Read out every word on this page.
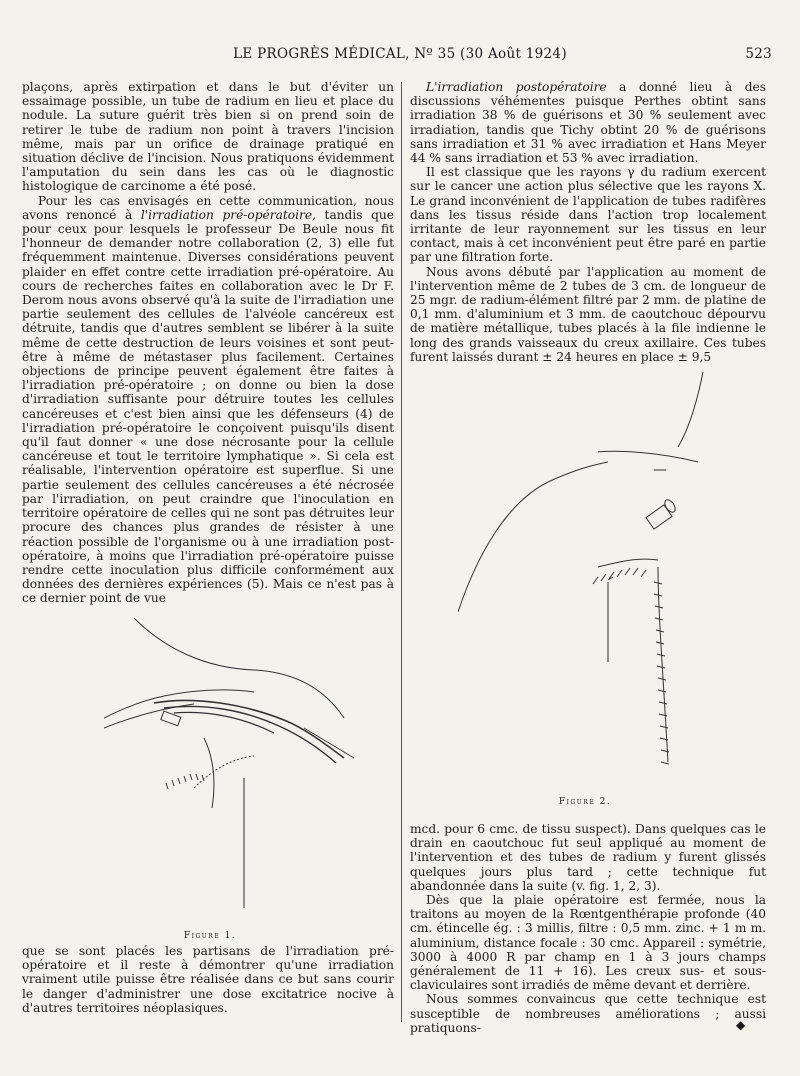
LE PROGRÈS MÉDICAL, Nº 35 (30 Août 1924)	523

plaçons, après extirpation et dans le but d'éviter un essaimage possible, un tube de radium en lieu et place du nodule. La suture guérit très bien si on prend soin de retirer le tube de radium non point à travers l'incision même, mais par un orifice de drainage pratiqué en situation déclive de l'incision. Nous pratiquons évidemment l'amputation du sein dans les cas où le diagnostic histologique de carcinome a été posé.

Pour les cas envisagés en cette communication, nous avons renoncé à l'irradiation pré-opératoire, tandis que pour ceux pour lesquels le professeur De Beule nous fit l'honneur de demander notre collaboration (2, 3) elle fut fréquemment maintenue. Diverses considérations peuvent plaider en effet contre cette irradiation pré-opératoire. Au cours de recherches faites en collaboration avec le Dr F. Derom nous avons observé qu'à la suite de l'irradiation une partie seulement des cellules de l'alvéole cancéreux est détruite, tandis que d'autres semblent se libérer à la suite même de cette destruction de leurs voisines et sont peut-être à même de métastaser plus facilement. Certaines objections de principe peuvent également être faites à l'irradiation pré-opératoire ; on donne ou bien la dose d'irradiation suffisante pour détruire toutes les cellules cancéreuses et c'est bien ainsi que les défenseurs (4) de l'irradiation pré-opératoire le conçoivent puisqu'ils disent qu'il faut donner « une dose nécrosante pour la cellule cancéreuse et tout le territoire lymphatique ». Si cela est réalisable, l'intervention opératoire est superflue. Si une partie seulement des cellules cancéreuses a été nécrosée par l'irradiation, on peut craindre que l'inoculation en territoire opératoire de celles qui ne sont pas détruites leur procure des chances plus grandes de résister à une réaction possible de l'organisme ou à une irradiation post-opératoire, à moins que l'irradiation pré-opératoire puisse rendre cette inoculation plus difficile conformément aux données des dernières expériences (5). Mais ce n'est pas à ce dernier point de vue

Figure 1.

que se sont placés les partisans de l'irradiation pré-opératoire et il reste à démontrer qu'une irradiation vraiment utile puisse être réalisée dans ce but sans courir le danger d'administrer une dose excitatrice nocive à d'autres territoires néoplasiques.

L'irradiation postopératoire a donné lieu à des discussions véhémentes puisque Perthes obtint sans irradiation 38 % de guérisons et 30 % seulement avec irradiation, tandis que Tichy obtint 20 % de guérisons sans irradiation et 31 % avec irradiation et Hans Meyer 44 % sans irradiation et 53 % avec irradiation.

Il est classique que les rayons γ du radium exercent sur le cancer une action plus sélective que les rayons X. Le grand inconvénient de l'application de tubes radifères dans les tissus réside dans l'action trop localement irritante de leur rayonnement sur les tissus en leur contact, mais à cet inconvénient peut être paré en partie par une filtration forte.

Nous avons débuté par l'application au moment de l'intervention même de 2 tubes de 3 cm. de longueur de 25 mgr. de radium-élément filtré par 2 mm. de platine de 0,1 mm. d'aluminium et 3 mm. de caoutchouc dépourvu de matière métallique, tubes placés à la file indienne le long des grands vaisseaux du creux axillaire. Ces tubes furent laissés durant ± 24 heures en place ± 9,5

Figure 2.

mcd. pour 6 cmc. de tissu suspect). Dans quelques cas le drain en caoutchouc fut seul appliqué au moment de l'intervention et des tubes de radium y furent glissés quelques jours plus tard ; cette technique fut abandonnée dans la suite (v. fig. 1, 2, 3).

Dès que la plaie opératoire est fermée, nous la traitons au moyen de la Rœntgenthérapie profonde (40 cm. étincelle ég. : 3 millis, filtre : 0,5 mm. zinc. + 1 m m. aluminium, distance focale : 30 cmc. Appareil : symétrie, 3000 à 4000 R par champ en 1 à 3 jours champs généralement de 11 + 16). Les creux sus- et sous-claviculaires sont irradiés de même devant et derrière.

Nous sommes convaincus que cette technique est susceptible de nombreuses améliorations ; aussi pratiquons-	◆
